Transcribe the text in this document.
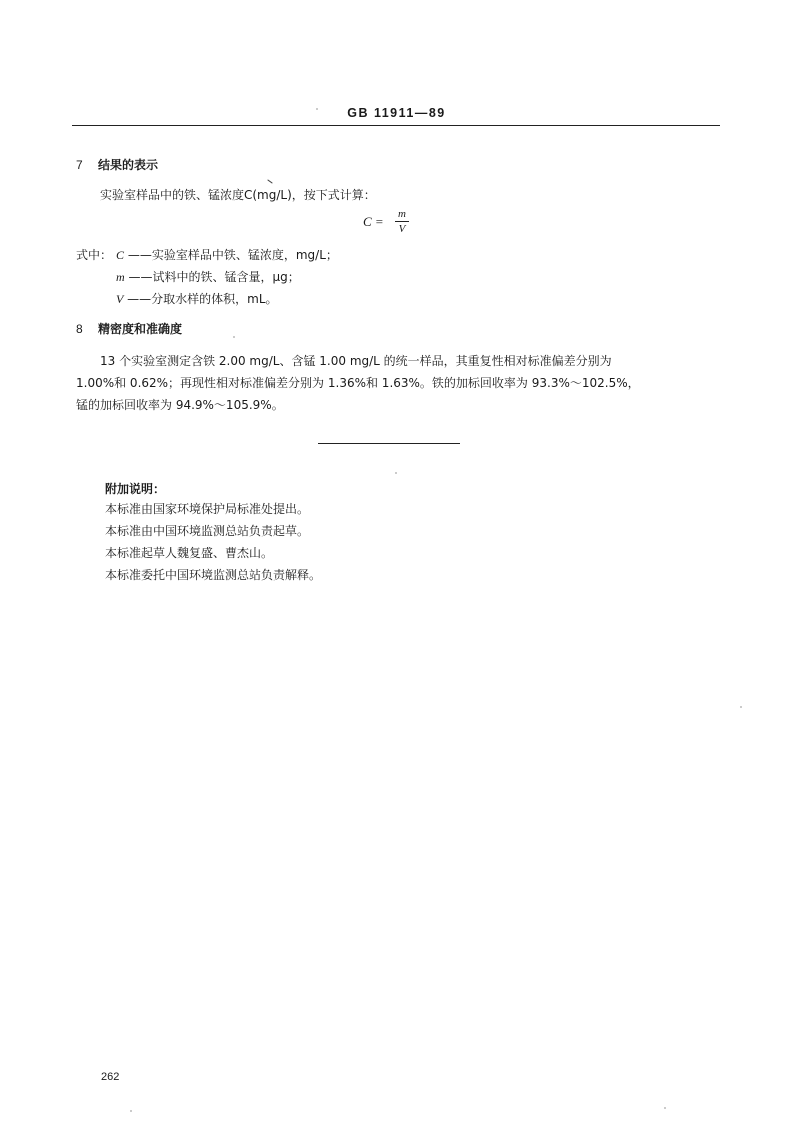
GB 11911—89
7 结果的表示
实验室样品中的铁、锰浓度C(mg/L)，按下式计算：
C = m
V
式中： C ——实验室样品中铁、锰浓度，mg/L；
m ——试料中的铁、锰含量，μg；
V ——分取水样的体积，mL。
8 精密度和准确度
13 个实验室测定含铁 2.00 mg/L、含锰 1.00 mg/L 的统一样品，其重复性相对标准偏差分别为
1.00%和 0.62%；再现性相对标准偏差分别为 1.36%和 1.63%。铁的加标回收率为 93.3%～102.5%，
锰的加标回收率为 94.9%～105.9%。
附加说明：
本标准由国家环境保护局标准处提出。
本标准由中国环境监测总站负责起草。
本标准起草人魏复盛、曹杰山。
本标准委托中国环境监测总站负责解释。
262
